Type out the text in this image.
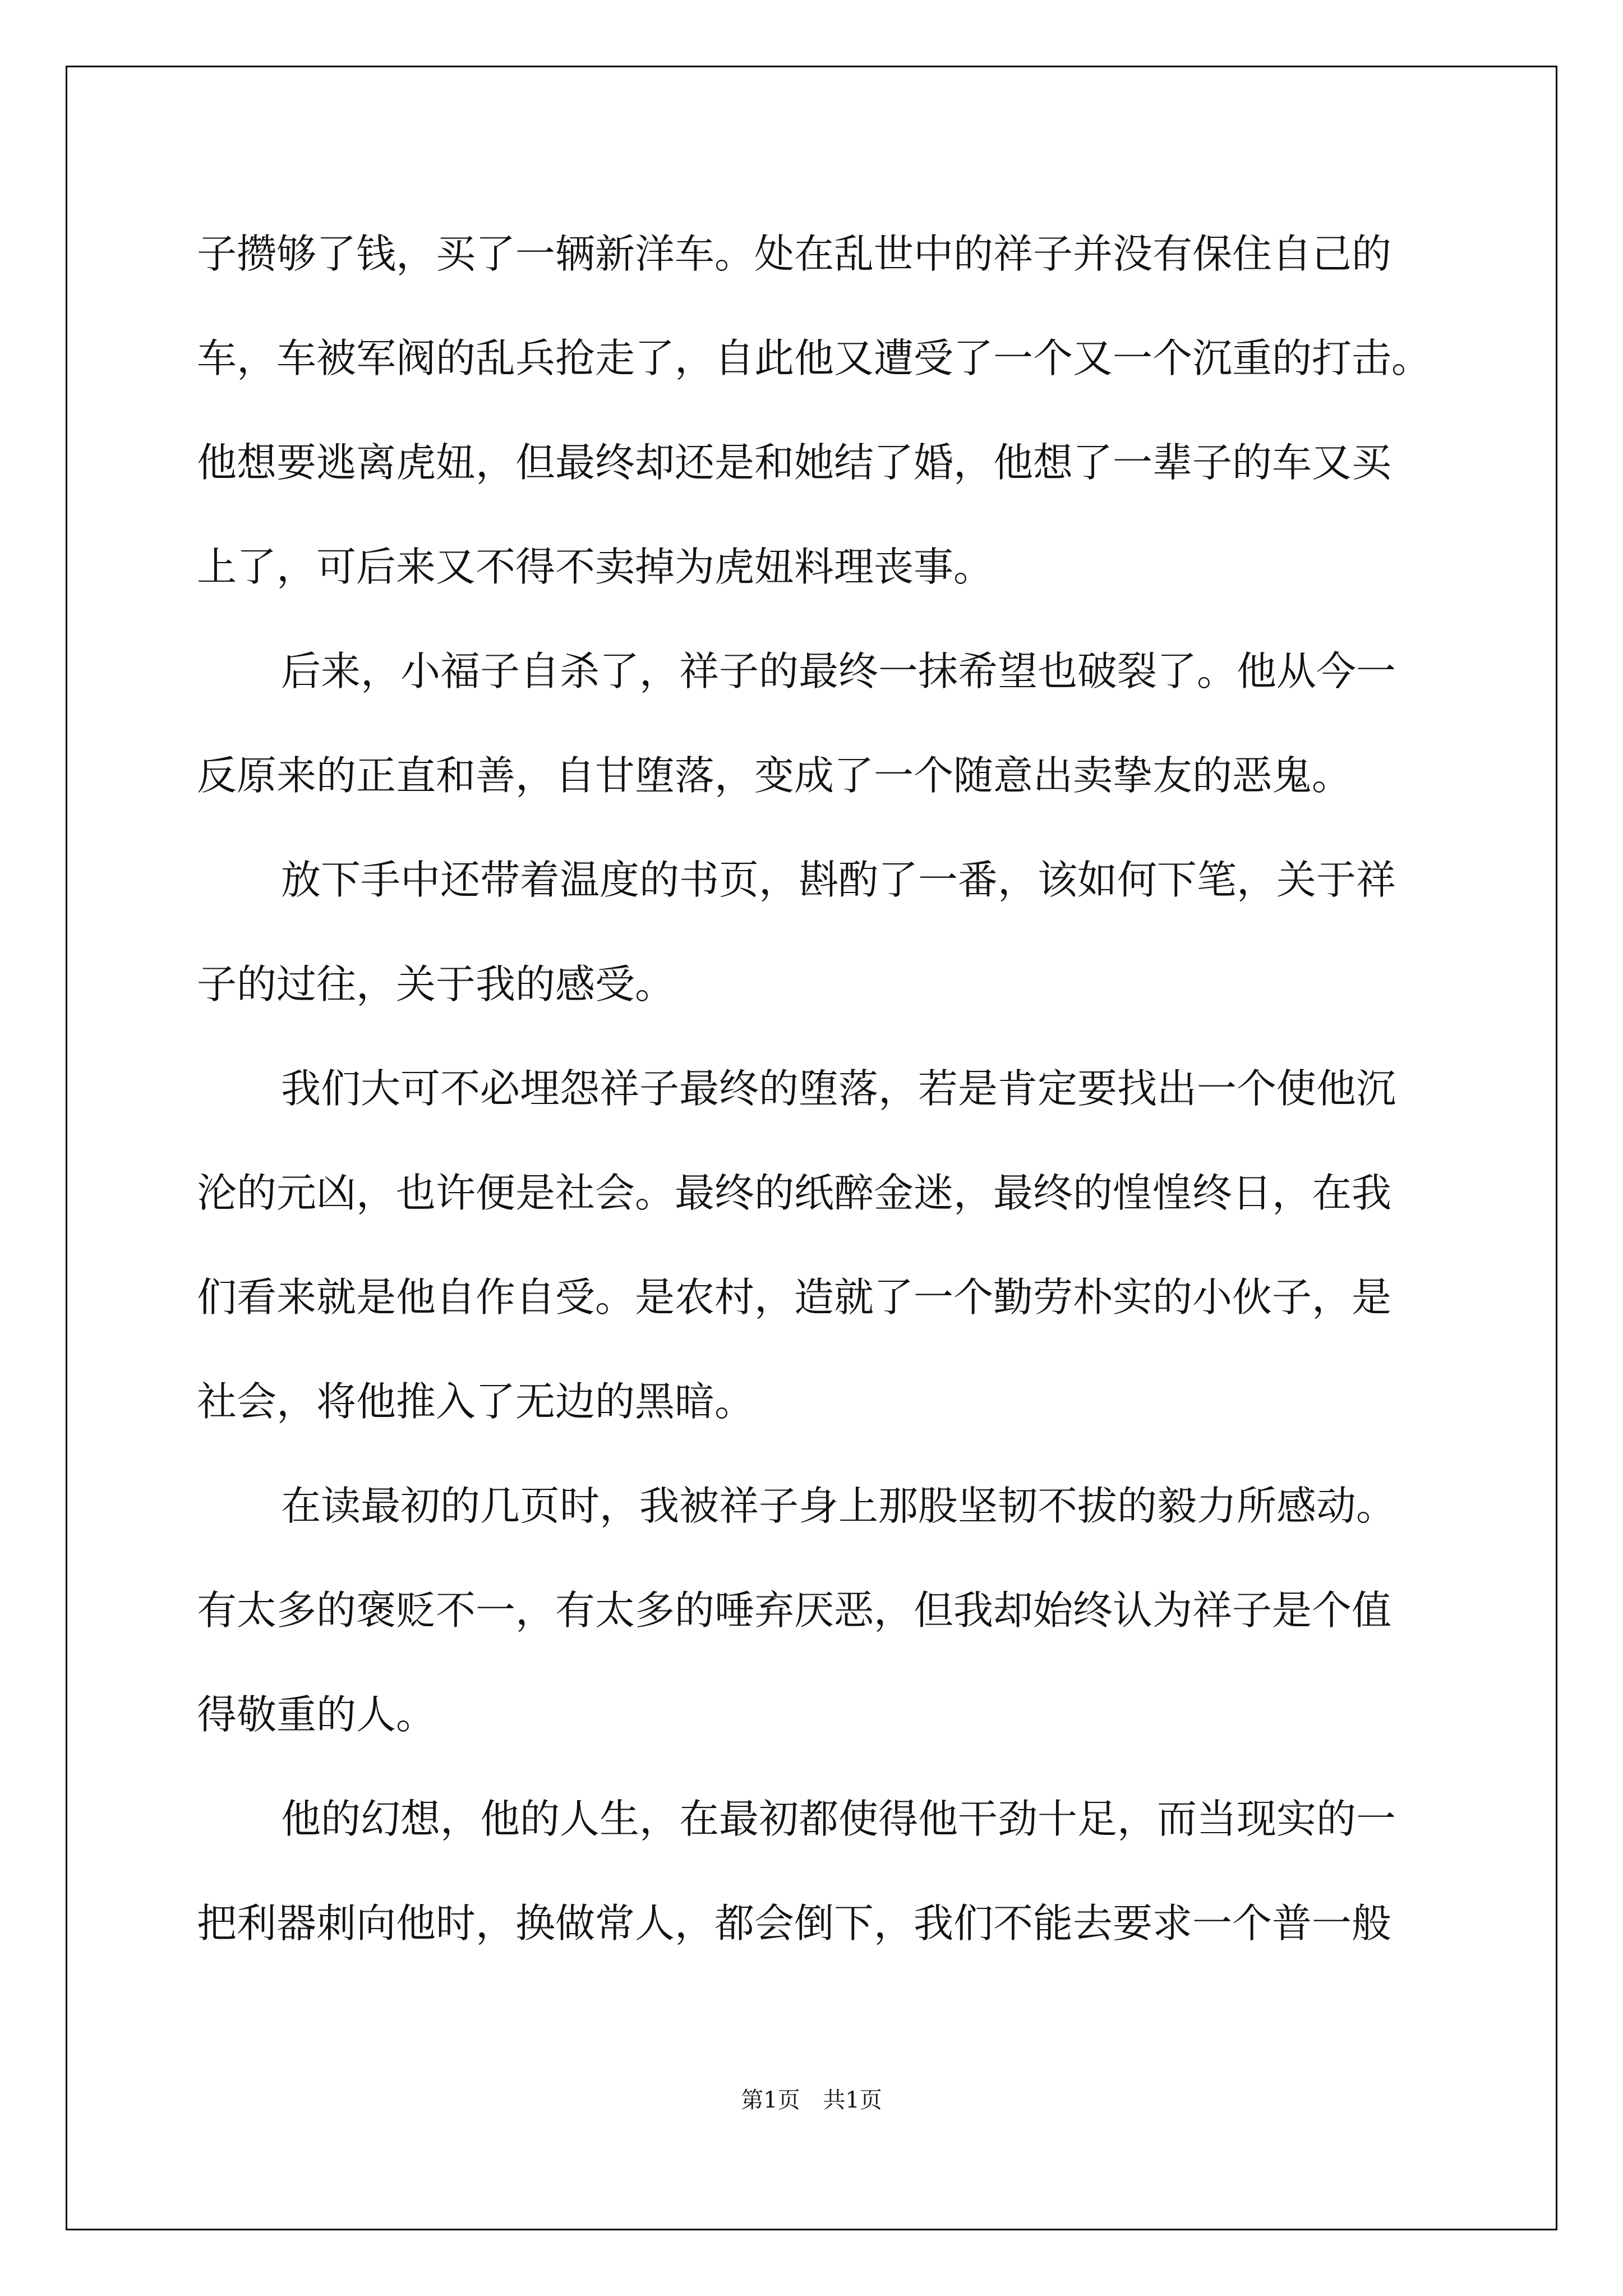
子攒够了钱，买了一辆新洋车。处在乱世中的祥子并没有保住自己的
车，车被军阀的乱兵抢走了，自此他又遭受了一个又一个沉重的打击。
他想要逃离虎妞，但最终却还是和她结了婚，他想了一辈子的车又买
上了，可后来又不得不卖掉为虎妞料理丧事。
后来，小福子自杀了，祥子的最终一抹希望也破裂了。他从今一
反原来的正直和善，自甘堕落，变成了一个随意出卖挚友的恶鬼。
放下手中还带着温度的书页，斟酌了一番，该如何下笔，关于祥
子的过往，关于我的感受。
我们大可不必埋怨祥子最终的堕落，若是肯定要找出一个使他沉
沦的元凶，也许便是社会。最终的纸醉金迷，最终的惶惶终日，在我
们看来就是他自作自受。是农村，造就了一个勤劳朴实的小伙子，是
社会，将他推入了无边的黑暗。
在读最初的几页时，我被祥子身上那股坚韧不拔的毅力所感动。
有太多的褒贬不一，有太多的唾弃厌恶，但我却始终认为祥子是个值
得敬重的人。
他的幻想，他的人生，在最初都使得他干劲十足，而当现实的一
把利器刺向他时，换做常人，都会倒下，我们不能去要求一个普一般
第1页 共1页
